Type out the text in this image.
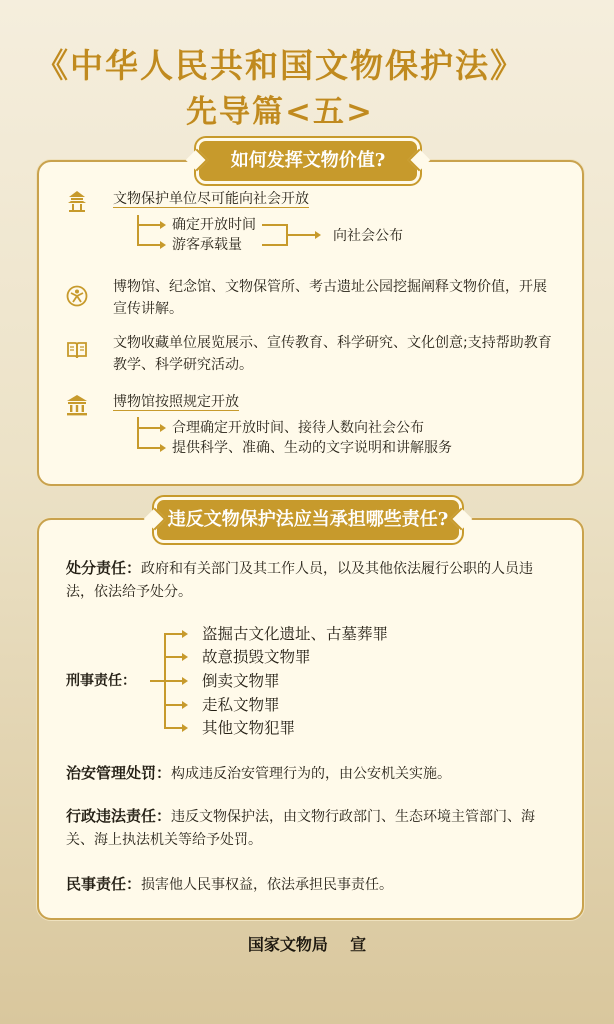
《中华人民共和国文物保护法》
先导篇<五>
如何发挥文物价值?
文物保护单位尽可能向社会开放
确定开放时间
游客承载量
向社会公布
博物馆、纪念馆、文物保管所、考古遗址公园挖掘阐释文物价值，开展宣传讲解。
文物收藏单位展览展示、宣传教育、科学研究、文化创意;支持帮助教育教学、科学研究活动。
博物馆按照规定开放
合理确定开放时间、接待人数向社会公布
提供科学、准确、生动的文字说明和讲解服务
违反文物保护法应当承担哪些责任?
处分责任：政府和有关部门及其工作人员，以及其他依法履行公职的人员违法，依法给予处分。
刑事责任：
盗掘古文化遗址、古墓葬罪
故意损毁文物罪
倒卖文物罪
走私文物罪
其他文物犯罪
治安管理处罚：构成违反治安管理行为的，由公安机关实施。
行政违法责任：违反文物保护法，由文物行政部门、生态环境主管部门、海关、海上执法机关等给予处罚。
民事责任：损害他人民事权益，依法承担民事责任。
国家文物局 宣
